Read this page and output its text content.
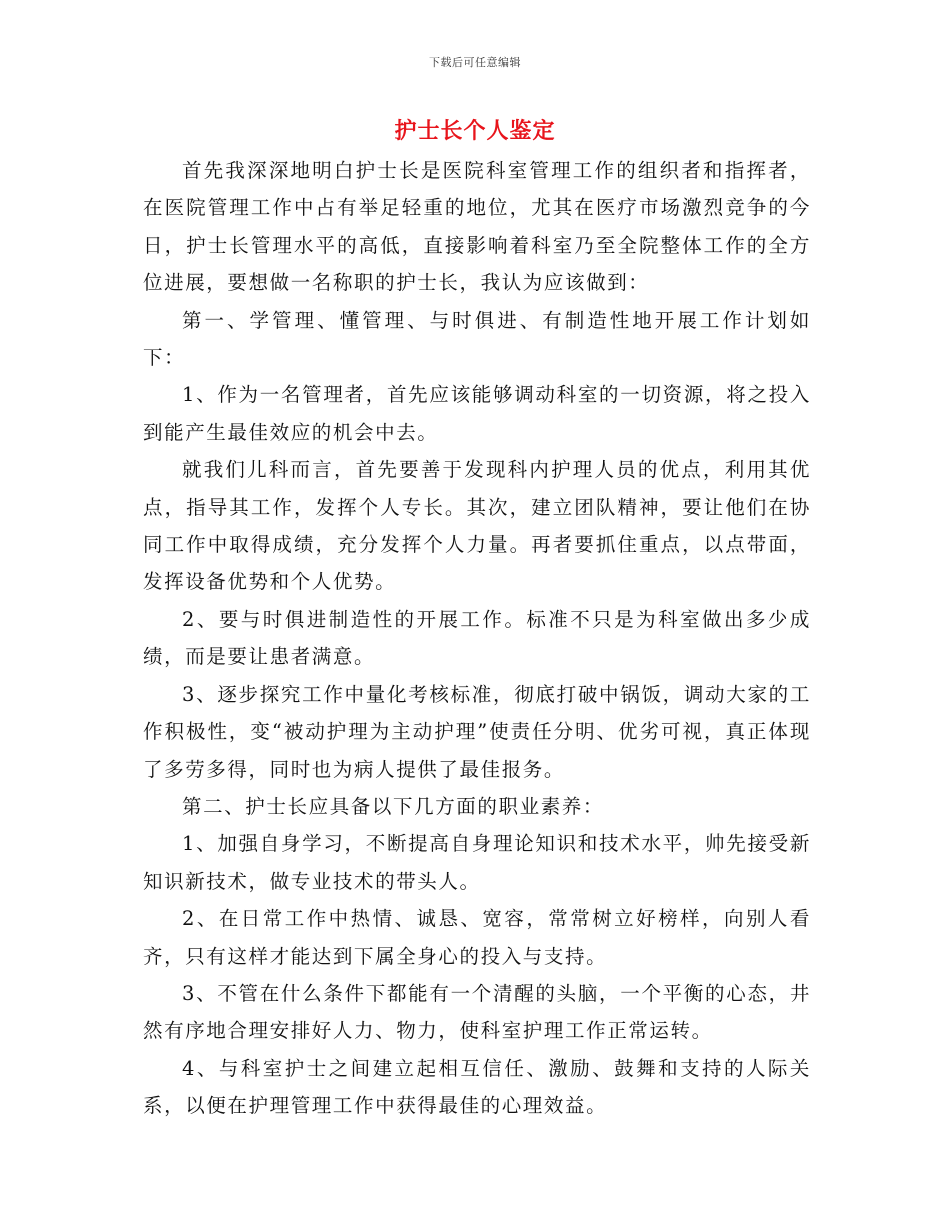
下载后可任意编辑
护士长个人鉴定

首先我深深地明白护士长是医院科室管理工作的组织者和指挥者，在医院管理工作中占有举足轻重的地位，尤其在医疗市场激烈竞争的今日，护士长管理水平的高低，直接影响着科室乃至全院整体工作的全方位进展，要想做一名称职的护士长，我认为应该做到：

第一、学管理、懂管理、与时俱进、有制造性地开展工作计划如下：

1、作为一名管理者，首先应该能够调动科室的一切资源，将之投入到能产生最佳效应的机会中去。

就我们儿科而言，首先要善于发现科内护理人员的优点，利用其优点，指导其工作，发挥个人专长。其次，建立团队精神，要让他们在协同工作中取得成绩，充分发挥个人力量。再者要抓住重点，以点带面，发挥设备优势和个人优势。

2、要与时俱进制造性的开展工作。标准不只是为科室做出多少成绩，而是要让患者满意。

3、逐步探究工作中量化考核标准，彻底打破中锅饭，调动大家的工作积极性，变“被动护理为主动护理”使责任分明、优劣可视，真正体现了多劳多得，同时也为病人提供了最佳报务。

第二、护士长应具备以下几方面的职业素养：

1、加强自身学习，不断提高自身理论知识和技术水平，帅先接受新知识新技术，做专业技术的带头人。

2、在日常工作中热情、诚恳、宽容，常常树立好榜样，向别人看齐，只有这样才能达到下属全身心的投入与支持。

3、不管在什么条件下都能有一个清醒的头脑，一个平衡的心态，井然有序地合理安排好人力、物力，使科室护理工作正常运转。

4、与科室护士之间建立起相互信任、激励、鼓舞和支持的人际关系，以便在护理管理工作中获得最佳的心理效益。
